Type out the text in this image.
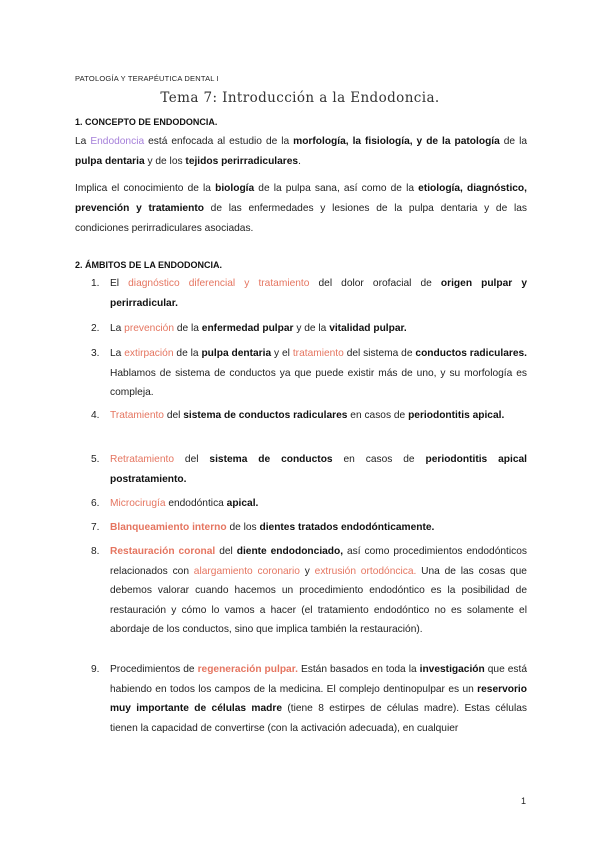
PATOLOGÍA Y TERAPÉUTICA DENTAL I
Tema 7: Introducción a la Endodoncia.
1. CONCEPTO DE ENDODONCIA.
La Endodoncia está enfocada al estudio de la morfología, la fisiología, y de la patología de la pulpa dentaria y de los tejidos perirradiculares.
Implica el conocimiento de la biología de la pulpa sana, así como de la etiología, diagnóstico, prevención y tratamiento de las enfermedades y lesiones de la pulpa dentaria y de las condiciones perirradiculares asociadas.
2. ÁMBITOS DE LA ENDODONCIA.
1.	El diagnóstico diferencial y tratamiento del dolor orofacial de origen pulpar y perirradicular.
2.	La prevención de la enfermedad pulpar y de la vitalidad pulpar.
3.	La extirpación de la pulpa dentaria y el tratamiento del sistema de conductos radiculares. Hablamos de sistema de conductos ya que puede existir más de uno, y su morfología es compleja.
4.	Tratamiento del sistema de conductos radiculares en casos de periodontitis apical.
5.	Retratamiento del sistema de conductos en casos de periodontitis apical postratamiento.
6.	Microcirugía endodóntica apical.
7.	Blanqueamiento interno de los dientes tratados endodónticamente.
8.	Restauración coronal del diente endodonciado, así como procedimientos endodónticos relacionados con alargamiento coronario y extrusión ortodóncica. Una de las cosas que debemos valorar cuando hacemos un procedimiento endodóntico es la posibilidad de restauración y cómo lo vamos a hacer (el tratamiento endodóntico no es solamente el abordaje de los conductos, sino que implica también la restauración).
9.	Procedimientos de regeneración pulpar. Están basados en toda la investigación que está habiendo en todos los campos de la medicina. El complejo dentinopulpar es un reservorio muy importante de células madre (tiene 8 estirpes de células madre). Estas células tienen la capacidad de convertirse (con la activación adecuada), en cualquier
1
